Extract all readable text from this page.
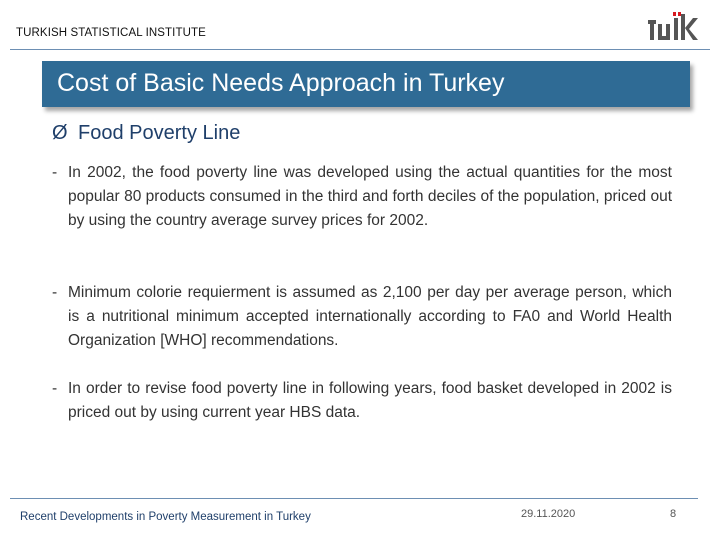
TURKISH STATISTICAL INSTITUTE
Cost of Basic Needs Approach in Turkey
Ø Food Poverty Line
- In 2002, the food poverty line was developed using the actual quantities for the most popular 80 products consumed in the third and forth deciles of the population, priced out by using the country average survey prices for 2002.
- Minimum colorie requierment is assumed as 2,100 per day per average person, which is a nutritional minimum accepted internationally according to FA0 and World Health Organization [WHO] recommendations.
- In order to revise food poverty line in following years, food basket developed in 2002 is priced out by using current year HBS data.
Recent Developments in Poverty Measurement in Turkey	29.11.2020	8
